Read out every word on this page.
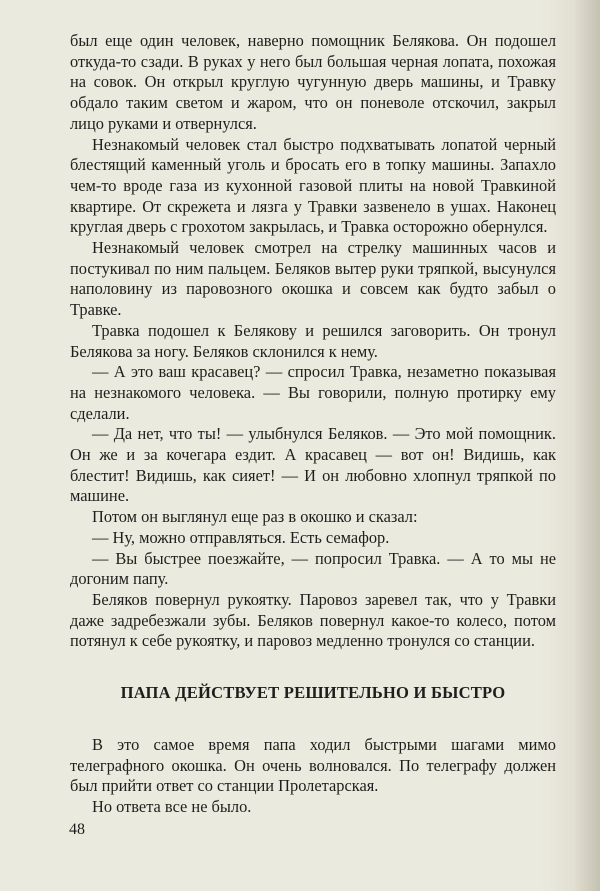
был еще один человек, наверно помощник Белякова. Он подошел откуда-то сзади. В руках у него был большая черная лопата, похожая на совок. Он открыл круглую чугунную дверь машины, и Травку обдало таким светом и жаром, что он поневоле отскочил, закрыл лицо руками и отвернулся.

Незнакомый человек стал быстро подхватывать лопатой черный блестящий каменный уголь и бросать его в топку машины. Запахло чем-то вроде газа из кухонной газовой плиты на новой Травкиной квартире. От скрежета и лязга у Травки зазвенело в ушах. Наконец круглая дверь с грохотом закрылась, и Травка осторожно обернулся.

Незнакомый человек смотрел на стрелку машинных часов и постукивал по ним пальцем. Беляков вытер руки тряпкой, высунулся наполовину из паровозного окошка и совсем как будто забыл о Травке.

Травка подошел к Белякову и решился заговорить. Он тронул Белякова за ногу. Беляков склонился к нему.

— А это ваш красавец? — спросил Травка, незаметно показывая на незнакомого человека. — Вы говорили, полную протирку ему сделали.

— Да нет, что ты! — улыбнулся Беляков. — Это мой помощник. Он же и за кочегара ездит. А красавец — вот он! Видишь, как блестит! Видишь, как сияет! — И он любовно хлопнул тряпкой по машине.

Потом он выглянул еще раз в окошко и сказал:

— Ну, можно отправляться. Есть семафор.

— Вы быстрее поезжайте, — попросил Травка. — А то мы не догоним папу.

Беляков повернул рукоятку. Паровоз заревел так, что у Травки даже задребезжали зубы. Беляков повернул какое-то колесо, потом потянул к себе рукоятку, и паровоз медленно тронулся со станции.

ПАПА ДЕЙСТВУЕТ РЕШИТЕЛЬНО И БЫСТРО

В это самое время папа ходил быстрыми шагами мимо телеграфного окошка. Он очень волновался. По телеграфу должен был прийти ответ со станции Пролетарская.

Но ответа все не было.

48
